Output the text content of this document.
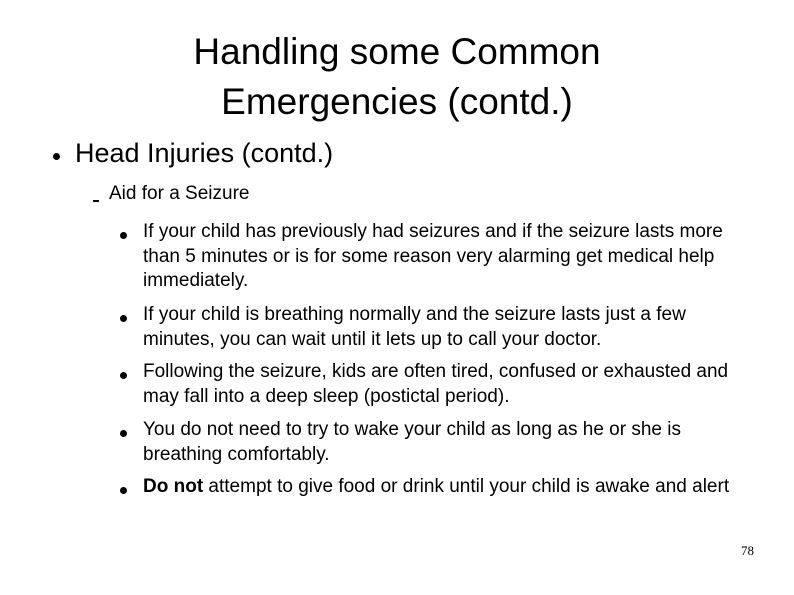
Handling some Common
Emergencies (contd.)
Head Injuries (contd.)
Aid for a Seizure
If your child has previously had seizures and if the seizure lasts more than 5 minutes or is for some reason very alarming get medical help immediately.
If your child is breathing normally and the seizure lasts just a few minutes, you can wait until it lets up to call your doctor.
Following the seizure, kids are often tired, confused or exhausted and may fall into a deep sleep (postictal period).
You do not need to try to wake your child as long as he or she is breathing comfortably.
Do not attempt to give food or drink until your child is awake and alert
78
